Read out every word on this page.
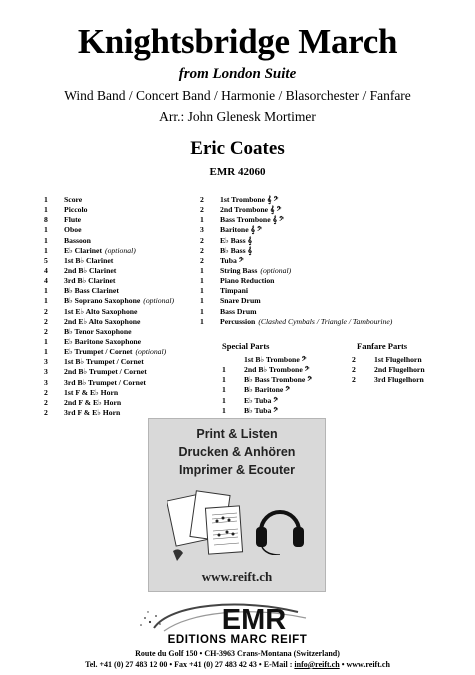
Knightsbridge March
from London Suite
Wind Band / Concert Band / Harmonie / Blasorchester / Fanfare
Arr.: John Glenesk Mortimer
Eric Coates
EMR 42060
1	Score
1	Piccolo
8	Flute
1	Oboe
1	Bassoon
1	E♭ Clarinet (optional)
5	1st B♭ Clarinet
4	2nd B♭ Clarinet
4	3rd B♭ Clarinet
1	B♭ Bass Clarinet
1	B♭ Soprano Saxophone (optional)
2	1st E♭ Alto Saxophone
2	2nd E♭ Alto Saxophone
2	B♭ Tenor Saxophone
1	E♭ Baritone Saxophone
1	E♭ Trumpet / Cornet (optional)
3	1st B♭ Trumpet / Cornet
3	2nd B♭ Trumpet / Cornet
3	3rd B♭ Trumpet / Cornet
2	1st F & E♭ Horn
2	2nd F & E♭ Horn
2	3rd F & E♭ Horn
2	1st Trombone 𝄞 𝄢
2	2nd Trombone 𝄞 𝄢
1	Bass Trombone 𝄞 𝄢
3	Baritone 𝄞 𝄢
2	E♭ Bass 𝄞
2	B♭ Bass 𝄞
2	Tuba 𝄢
1	String Bass (optional)
1	Piano Reduction
1	Timpani
1	Snare Drum
1	Bass Drum
1	Percussion (Clashed Cymbals / Triangle / Tambourine)
Special Parts	Fanfare Parts
1st B♭ Trombone 𝄢
1	2nd B♭ Trombone 𝄢
1	B♭ Bass Trombone 𝄢
1	B♭ Baritone 𝄢
1	E♭ Tuba 𝄢
1	B♭ Tuba 𝄢
2	1st Flugelhorn
2	2nd Flugelhorn
2	3rd Flugelhorn
Print & Listen
Drucken & Anhören
Imprimer & Ecouter
www.reift.ch
EMR
EDITIONS MARC REIFT
Route du Golf 150 • CH-3963 Crans-Montana (Switzerland)
Tel. +41 (0) 27 483 12 00 • Fax +41 (0) 27 483 42 43 • E-Mail : info@reift.ch • www.reift.ch
